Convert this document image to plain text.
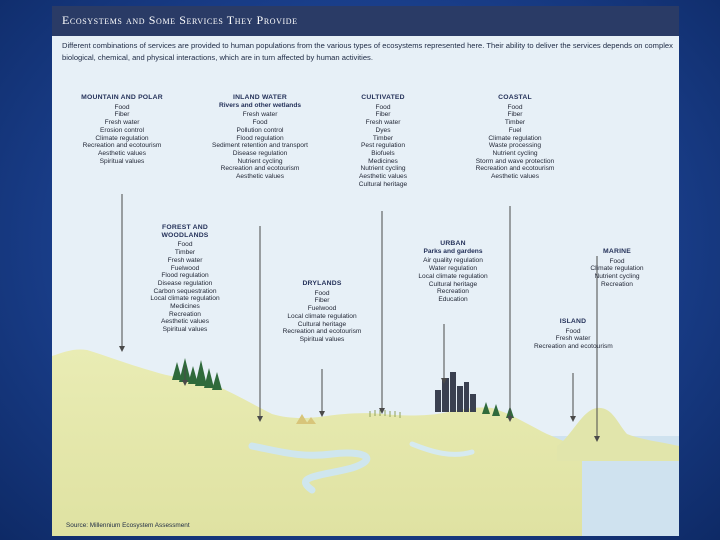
Ecosystems and Some Services They Provide
Different combinations of services are provided to human populations from the various types of ecosystems represented here. Their ability to deliver the services depends on complex biological, chemical, and physical interactions, which are in turn affected by human activities.
MOUNTAIN AND POLAR
Food
Fiber
Fresh water
Erosion control
Climate regulation
Recreation and ecotourism
Aesthetic values
Spiritual values
INLAND WATER
Rivers and other wetlands
Fresh water
Food
Pollution control
Flood regulation
Sediment retention and transport
Disease regulation
Nutrient cycling
Recreation and ecotourism
Aesthetic values
CULTIVATED
Food
Fiber
Fresh water
Dyes
Timber
Pest regulation
Biofuels
Medicines
Nutrient cycling
Aesthetic values
Cultural heritage
COASTAL
Food
Fiber
Timber
Fuel
Climate regulation
Waste processing
Nutrient cycling
Storm and wave protection
Recreation and ecotourism
Aesthetic values
FOREST AND WOODLANDS
Food
Timber
Fresh water
Fuelwood
Flood regulation
Disease regulation
Carbon sequestration
Local climate regulation
Medicines
Recreation
Aesthetic values
Spiritual values
DRYLANDS
Food
Fiber
Fuelwood
Local climate regulation
Cultural heritage
Recreation and ecotourism
Spiritual values
URBAN
Parks and gardens
Air quality regulation
Water regulation
Local climate regulation
Cultural heritage
Recreation
Education
MARINE
Food
Climate regulation
Nutrient cycling
Recreation
ISLAND
Food
Fresh water
Recreation and ecotourism
Source: Millennium Ecosystem Assessment
